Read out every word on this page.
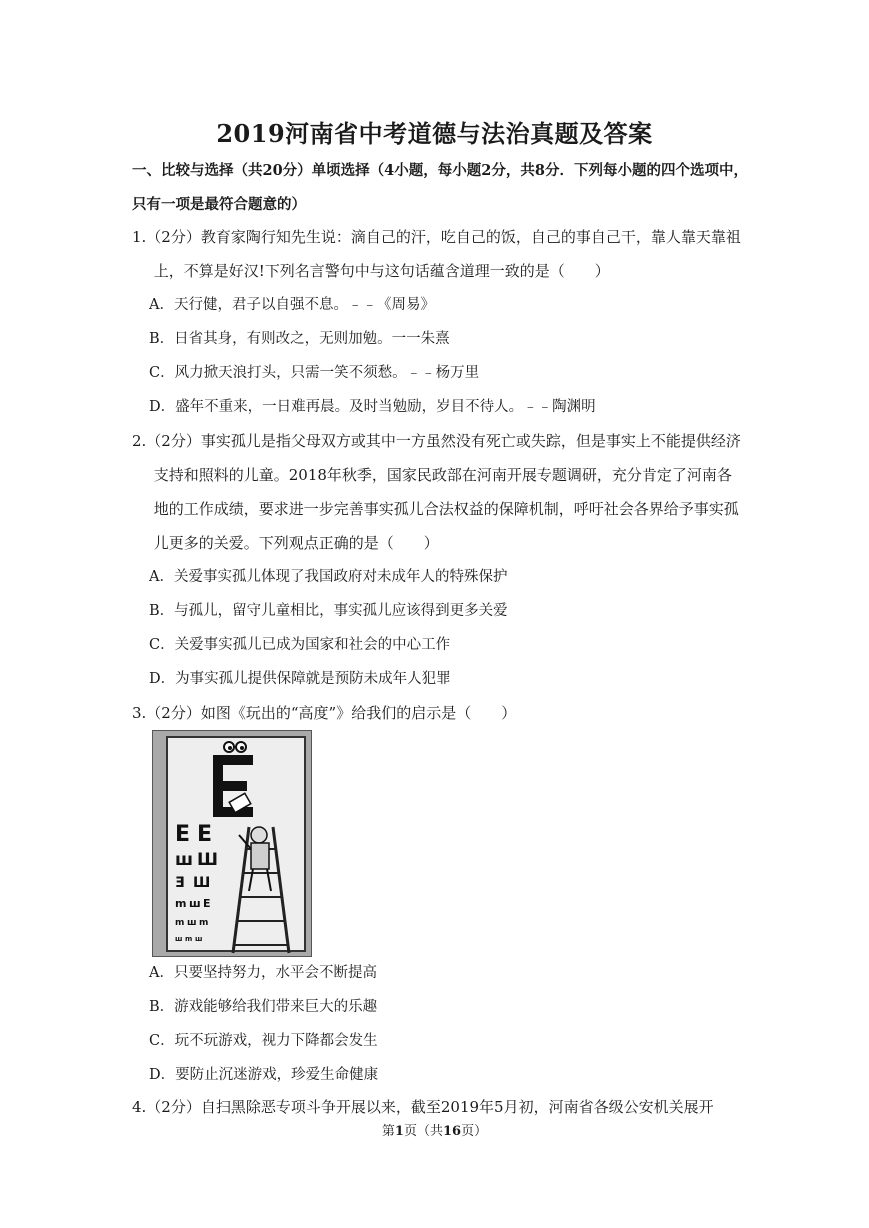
2019河南省中考道德与法治真题及答案
一、比较与选择（共20分）单顷选择（4小题，每小题2分，共8分．下列每小题的四个选项中，只有一项是最符合题意的）
1.（2分）教育家陶行知先生说：滴自己的汗，吃自己的饭，自己的事自己干，靠人靠天靠祖上，不算是好汉!下列名言警句中与这句话蕴含道理一致的是（　　）
A．天行健，君子以自强不息。﹣﹣《周易》
B．日省其身，有则改之，无则加勉。一一朱熹
C．风力掀天浪打头，只需一笑不须愁。﹣﹣杨万里
D．盛年不重来，一日难再晨。及时当勉励，岁目不待人。﹣﹣陶渊明
2.（2分）事实孤儿是指父母双方或其中一方虽然没有死亡或失踪，但是事实上不能提供经济支持和照料的儿童。2018年秋季，国家民政部在河南开展专题调研，充分肯定了河南各地的工作成绩，要求进一步完善事实孤儿合法权益的保障机制，呼吁社会各界给予事实孤儿更多的关爱。下列观点正确的是（　　）
A．关爱事实孤儿体现了我国政府对未成年人的特殊保护
B．与孤儿，留守儿童相比，事实孤儿应该得到更多关爱
C．关爱事实孤儿已成为国家和社会的中心工作
D．为事实孤儿提供保障就是预防未成年人犯罪
3.（2分）如图《玩出的“高度”》给我们的启示是（　　）
E E
ш Ш
Ǝ Ш
m ш E
m ш m
ш m ш
A．只要坚持努力，水平会不断提高
B．游戏能够给我们带来巨大的乐趣
C．玩不玩游戏，视力下降都会发生
D．要防止沉迷游戏，珍爱生命健康
4.（2分）自扫黑除恶专项斗争开展以来，截至2019年5月初，河南省各级公安机关展开
第1页（共16页）
